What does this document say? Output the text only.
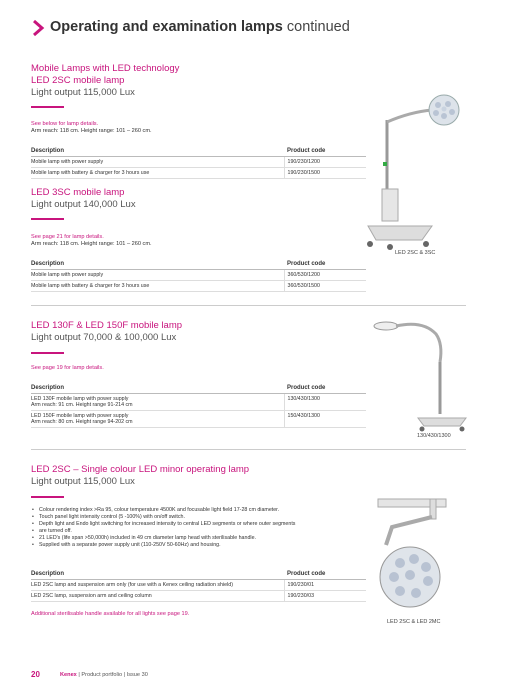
Operating and examination lamps continued
Mobile Lamps with LED technology
LED 2SC mobile lamp
Light output 115,000 Lux
See below for lamp details.
Arm reach: 118 cm. Height range: 101 – 260 cm.
Description	Product code
Mobile lamp with power supply	190/230/1200
Mobile lamp with battery & charger for 3 hours use	190/230/1500
LED 3SC mobile lamp
Light output 140,000 Lux
See page 21 for lamp details.
Arm reach: 118 cm. Height range: 101 – 260 cm.
Description	Product code
Mobile lamp with power supply	360/530/1200
Mobile lamp with battery & charger for 3 hours use	360/530/1500
LED 2SC & 3SC
LED 130F & LED 150F mobile lamp
Light output 70,000 & 100,000 Lux
See page 19 for lamp details.
Description	Product code

LED 130F mobile lamp with power supply
Arm reach: 91 cm. Height range 91-214 cm	130/430/1300

LED 150F mobile lamp with power supply
Arm reach: 80 cm. Height range 94-202 cm	150/430/1300
130/430/1300
LED 2SC – Single colour LED minor operating lamp
Light output 115,000 Lux
• Colour rendering index >Ra 95, colour temperature 4500K and focusable light field 17-28 cm diameter.
• Touch panel light intensity control (5 -100%) with on/off switch.
• Depth light and Endo light switching for increased intensity to central LED segments or where outer segments
• are turned off.
• 21 LED's (life span >50,000h) included in 49 cm diameter lamp head with sterilisable handle.
• Supplied with a separate power supply unit (110-250V 50-60Hz) and housing.
Description	Product code
LED 2SC lamp and suspension arm only (for use with a Kenex ceiling radiation shield)	190/230/01
LED 2SC lamp, suspension arm and ceiling column	190/230/03
Additional sterilisable handle available for all lights see page 19.
LED 2SC & LED 2MC
20	Kenex | Product portfolio | Issue 30
